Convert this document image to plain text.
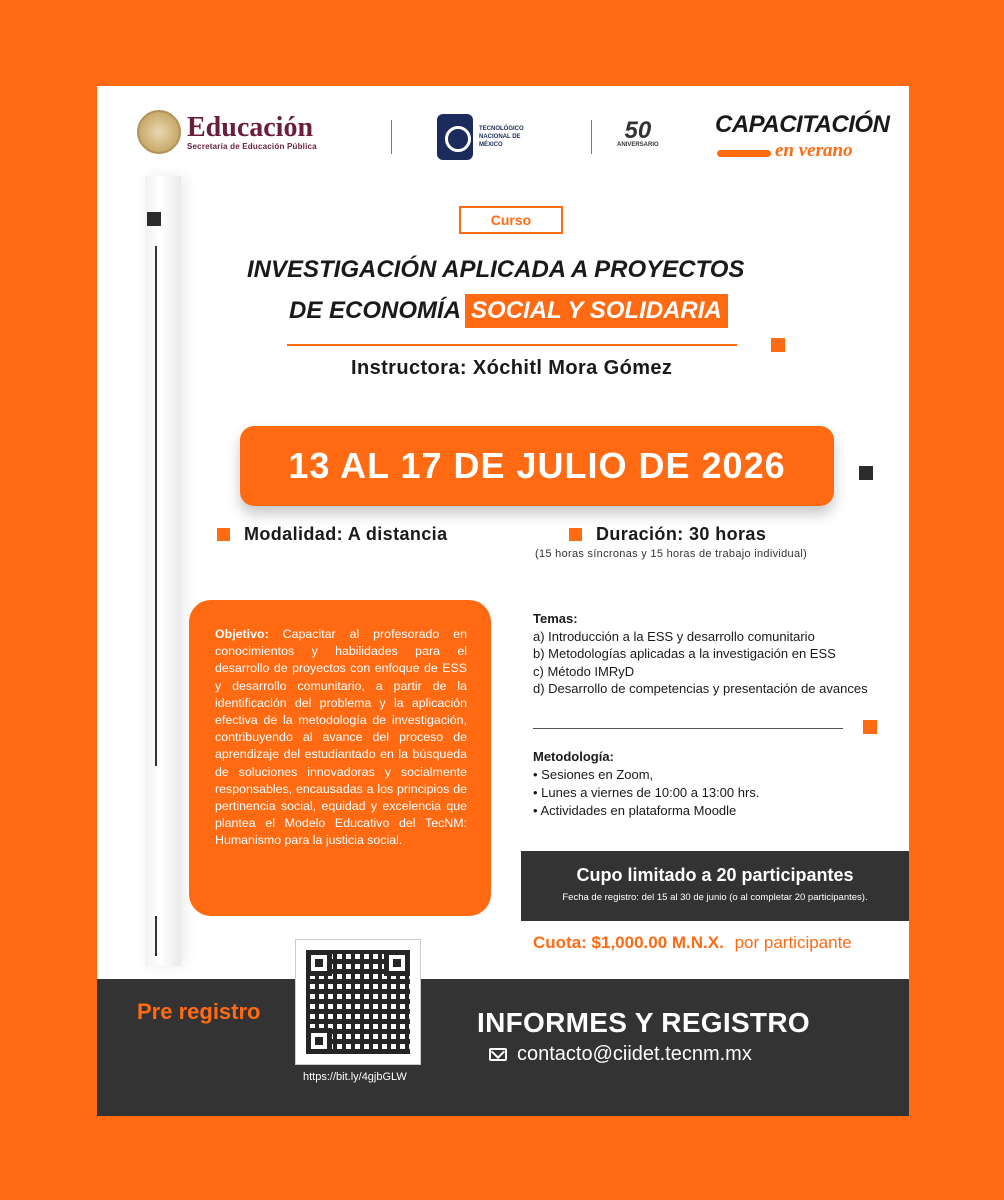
Educación
Secretaría de Educación Pública
TECNOLÓGICO NACIONAL DE MÉXICO
50
ANIVERSARIO
CAPACITACIÓN
en verano
Curso
INVESTIGACIÓN APLICADA A PROYECTOS
DE ECONOMÍA SOCIAL Y SOLIDARIA
Instructora: Xóchitl Mora Gómez
13 AL 17 DE JULIO DE 2026
Modalidad: A distancia	Duración: 30 horas
(15 horas síncronas y 15 horas de trabajo individual)
Objetivo: Capacitar al profesorado en conocimientos y habilidades para el desarrollo de proyectos con enfoque de ESS y desarrollo comunitario, a partir de la identificación del problema y la aplicación efectiva de la metodología de investigación, contribuyendo al avance del proceso de aprendizaje del estudiantado en la búsqueda de soluciones innovadoras y socialmente responsables, encausadas a los principios de pertinencia social, equidad y excelencia que plantea el Modelo Educativo del TecNM: Humanismo para la justicia social.
Temas:
a) Introducción a la ESS y desarrollo comunitario
b) Metodologías aplicadas a la investigación en ESS
c) Método IMRyD
d) Desarrollo de competencias y presentación de avances
Metodología:
• Sesiones en Zoom,
• Lunes a viernes de 10:00 a 13:00 hrs.
• Actividades en plataforma Moodle
Cupo limitado a 20 participantes
Fecha de registro: del 15 al 30 de junio (o al completar 20 participantes).
Cuota: $1,000.00 M.N.X. por participante
Pre registro
https://bit.ly/4gjbGLW
INFORMES Y REGISTRO
contacto@ciidet.tecnm.mx
